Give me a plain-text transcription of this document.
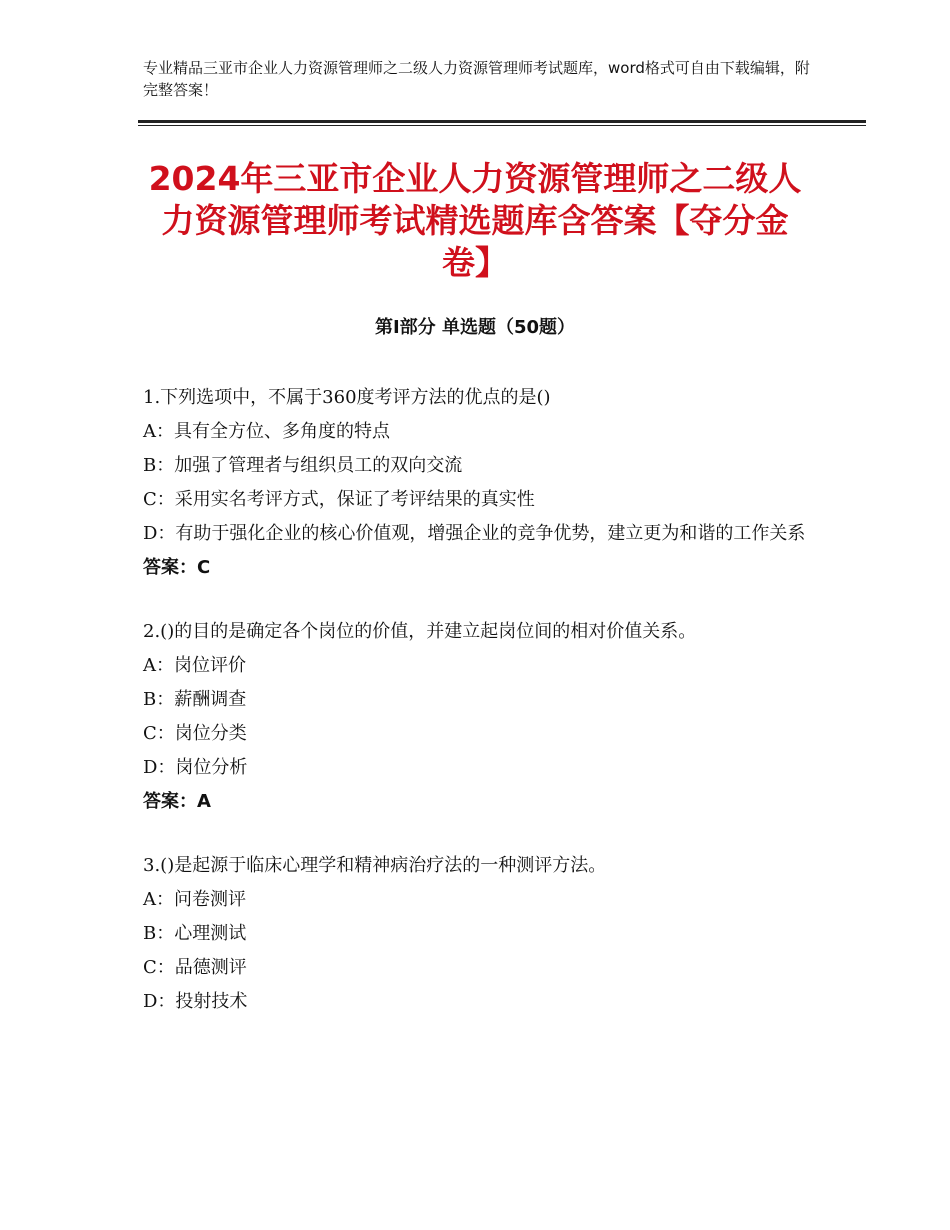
专业精品三亚市企业人力资源管理师之二级人力资源管理师考试题库，word格式可自由下载编辑，附完整答案！
2024年三亚市企业人力资源管理师之二级人力资源管理师考试精选题库含答案【夺分金卷】
第Ⅰ部分 单选题（50题）
1.下列选项中，不属于360度考评方法的优点的是()
A：具有全方位、多角度的特点
B：加强了管理者与组织员工的双向交流
C：采用实名考评方式，保证了考评结果的真实性
D：有助于强化企业的核心价值观，增强企业的竞争优势，建立更为和谐的工作关系
答案：C
2.()的目的是确定各个岗位的价值，并建立起岗位间的相对价值关系。
A：岗位评价
B：薪酬调查
C：岗位分类
D：岗位分析
答案：A
3.()是起源于临床心理学和精神病治疗法的一种测评方法。
A：问卷测评
B：心理测试
C：品德测评
D：投射技术
